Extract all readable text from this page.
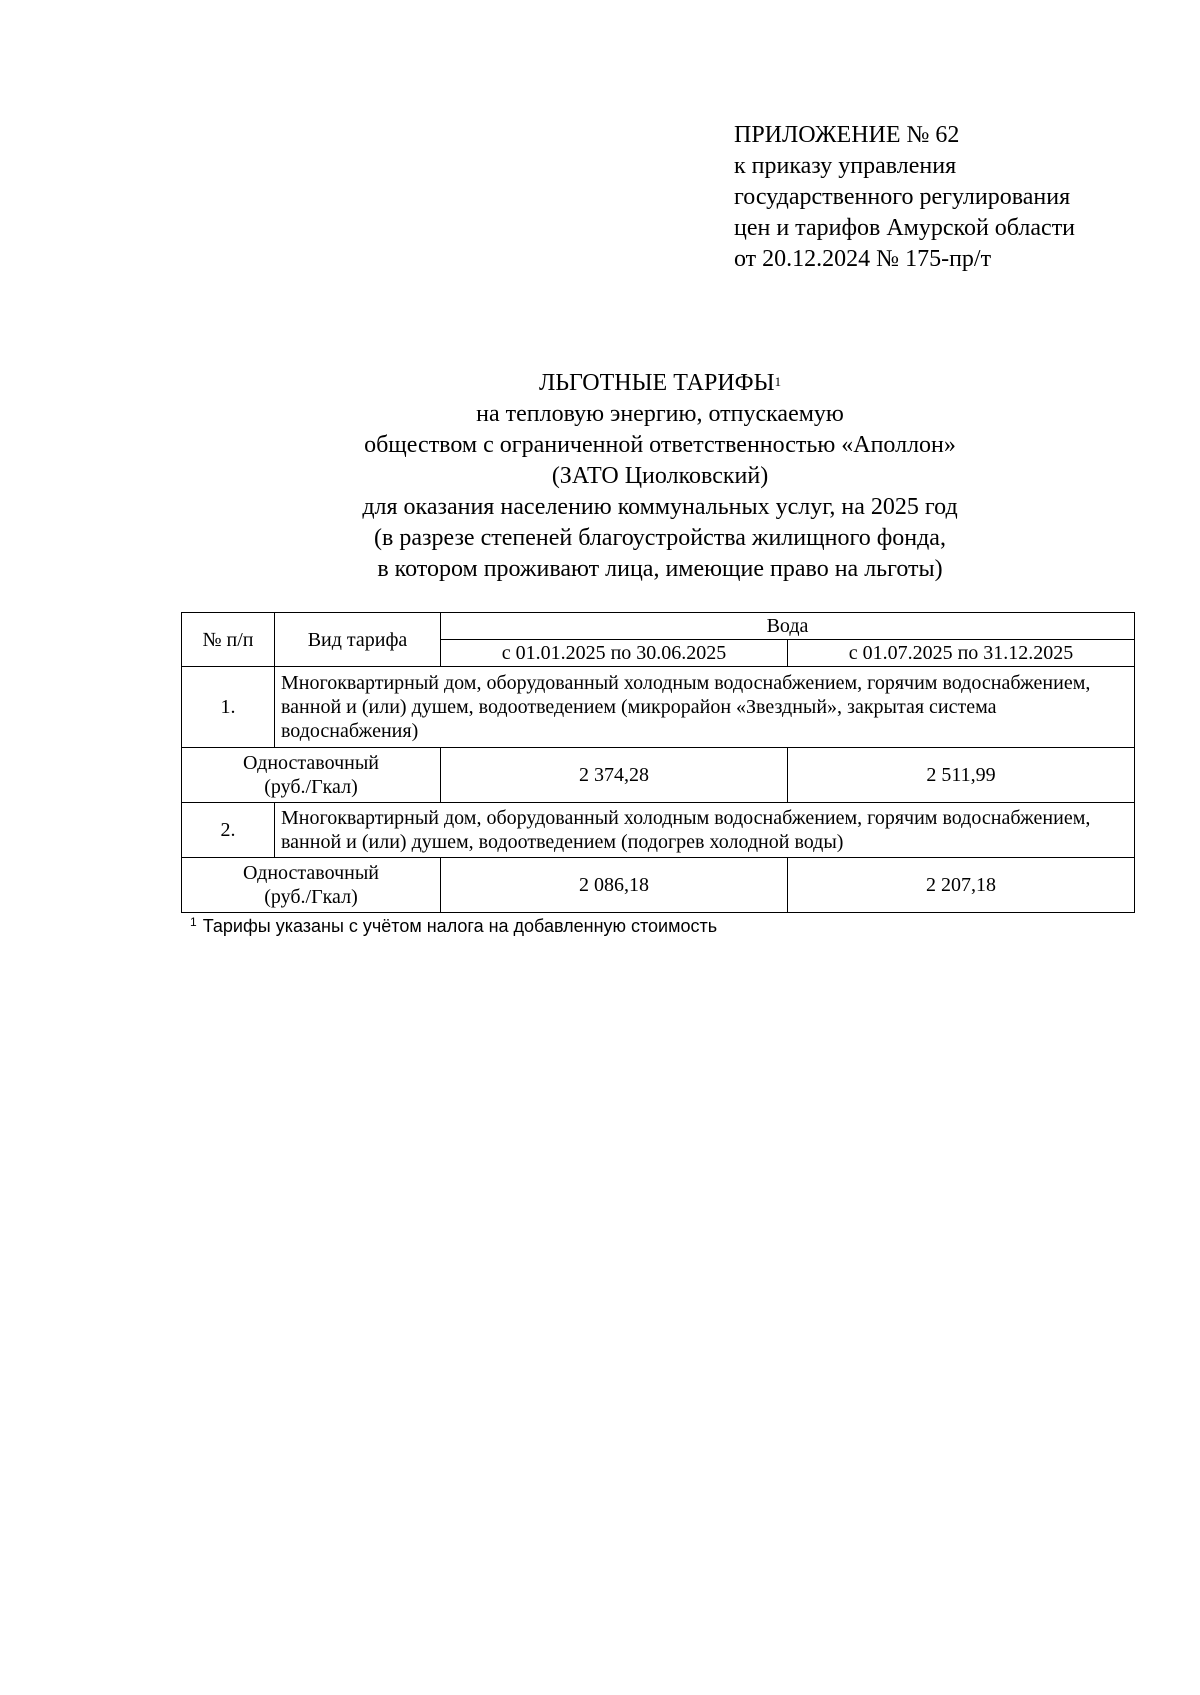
ПРИЛОЖЕНИЕ № 62
к приказу управления
государственного регулирования
цен и тарифов Амурской области
от 20.12.2024 № 175-пр/т
ЛЬГОТНЫЕ ТАРИФЫ$^1$
на тепловую энергию, отпускаемую
обществом с ограниченной ответственностью «Аполлон»
(ЗАТО Циолковский)
для оказания населению коммунальных услуг, на 2025 год
(в разрезе степеней благоустройства жилищного фонда,
в котором проживают лица, имеющие право на льготы)
№ п/п	Вид тарифа	Вода	
		с 01.01.2025 по 30.06.2025	с 01.07.2025 по 31.12.2025
1.	Многоквартирный дом, оборудованный холодным водоснабжением, горячим водоснабжением, ванной и (или) душем, водоотведением (микрорайон «Звездный», закрытая система водоснабжения)		

Одноставочный
(руб./Гкал)		2 374,28	2 511,99
2.	Многоквартирный дом, оборудованный холодным водоснабжением, горячим водоснабжением, ванной и (или) душем, водоотведением (подогрев холодной воды)		

Одноставочный
(руб./Гкал)		2 086,18	2 207,18
$^1$ Тарифы указаны с учётом налога на добавленную стоимость
